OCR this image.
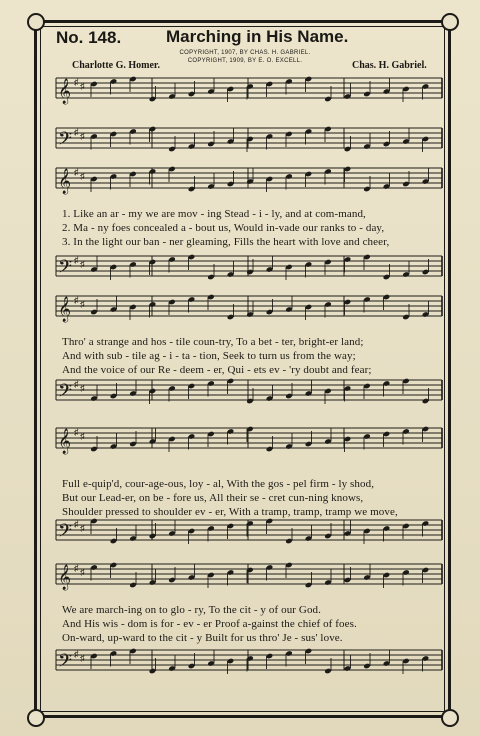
No. 148.	Marching in His Name.
COPYRIGHT, 1907, BY CHAS. H. GABRIEL.
COPYRIGHT, 1909, BY E. O. EXCELL.
Charlotte G. Homer.	Chas. H. Gabriel.
𝄞 ♯ ♯
𝄢 ♯ ♯
𝄞 ♯ ♯
𝄢 ♯ ♯
𝄞 ♯ ♯
𝄢 ♯ ♯
𝄞 ♯ ♯
𝄢 ♯ ♯
𝄞 ♯ ♯
𝄢 ♯ ♯
1. Like an ar - my we are mov - ing Stead - i - ly, and at com-mand,
2. Ma - ny foes concealed a - bout us, Would in-vade our ranks to - day,
3. In the light our ban - ner gleaming, Fills the heart with love and cheer,
Thro' a strange and hos - tile coun-try, To a bet - ter, bright-er land;
And with sub - tile ag - i - ta - tion, Seek to turn us from the way;
And the voice of our Re - deem - er, Qui - ets ev - 'ry doubt and fear;
Full e-quip'd, cour-age-ous, loy - al, With the gos - pel firm - ly shod,
But our Lead-er, on be - fore us, All their se - cret cun-ning knows,
Shoulder pressed to shoulder ev - er, With a tramp, tramp, tramp we move,
We are march-ing on to glo - ry, To the cit - y of our God.
And His wis - dom is for - ev - er Proof a-gainst the chief of foes.
On-ward, up-ward to the cit - y Built for us thro' Je - sus' love.
